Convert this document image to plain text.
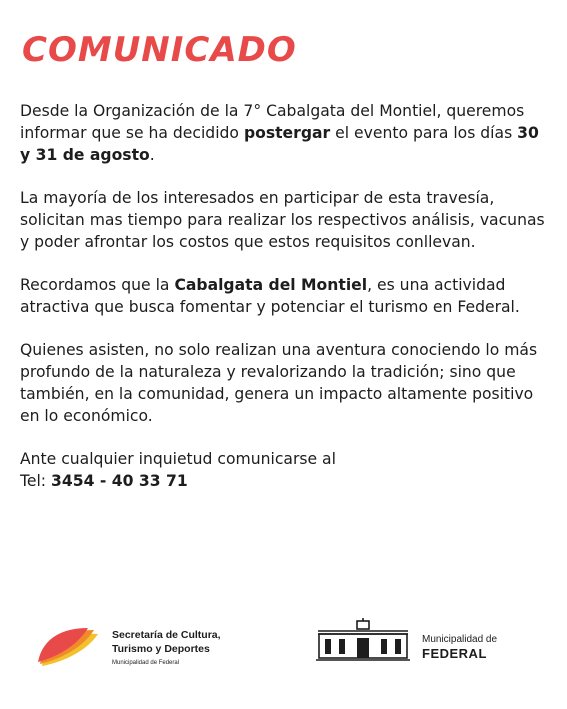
COMUNICADO

Desde la Organización de la 7° Cabalgata del Montiel, queremos informar que se ha decidido postergar el evento para los días 30 y 31 de agosto.

La mayoría de los interesados en participar de esta travesía, solicitan mas tiempo para realizar los respectivos análisis, vacunas y poder afrontar los costos que estos requisitos conllevan.

Recordamos que la Cabalgata del Montiel, es una actividad atractiva que busca fomentar y potenciar el turismo en Federal.

Quienes asisten, no solo realizan una aventura conociendo lo más profundo de la naturaleza y revalorizando la tradición; sino que también, en la comunidad, genera un impacto altamente positivo en lo económico.

Ante cualquier inquietud comunicarse al
Tel: 3454 - 40 33 71

Secretaría de Cultura,
Turismo y Deportes
Municipalidad de Federal
Municipalidad de
FEDERAL
